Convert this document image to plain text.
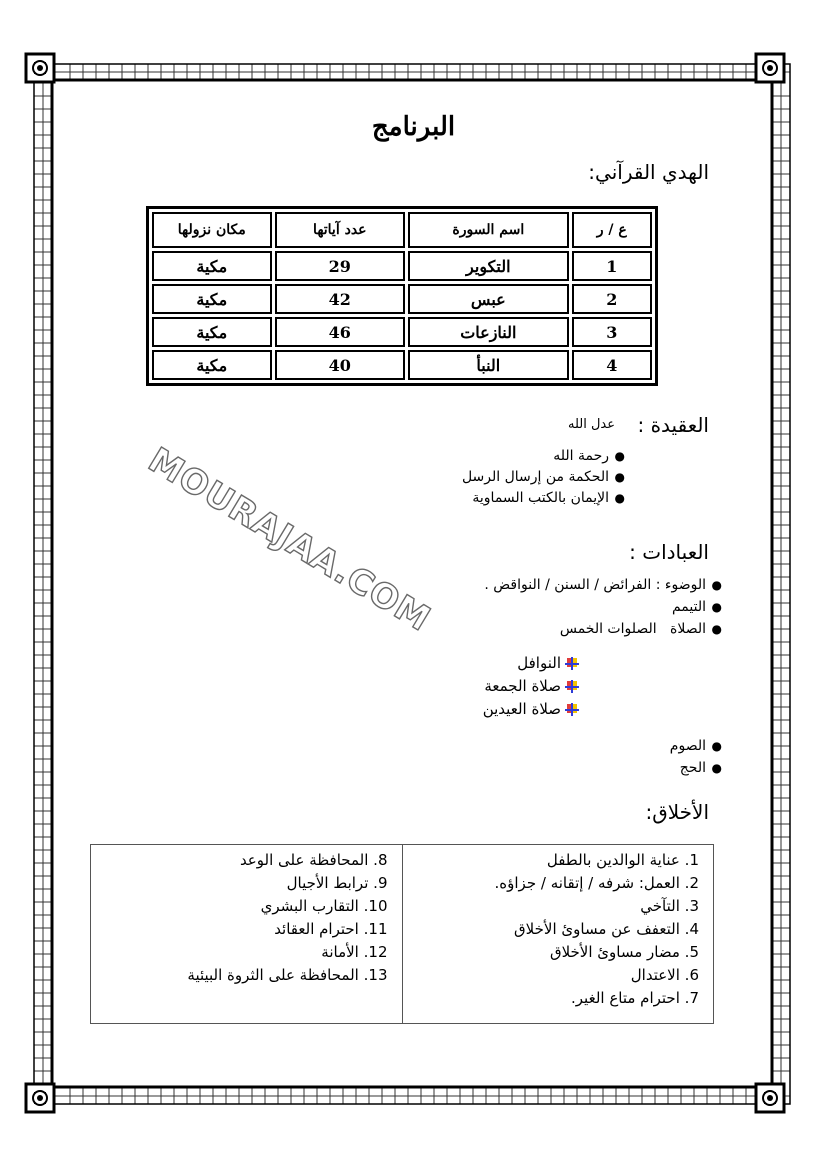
البرنامج
الهدي القرآني:
ع / ر	اسم السورة	عدد آياتها	مكان نزولها
1	التكوير	29	مكية
2	عبس	42	مكية
3	النازعات	46	مكية
4	النبأ	40	مكية
العقيدة :
عدل الله
●رحمة الله
●الحكمة من إرسال الرسل
●الإيمان بالكتب السماوية
MOURAJAA.COM	العبادات :
●الوضوء : الفرائض / السنن / النواقض .
●التيمم
●الصلاة   الصلوات الخمس
النوافل
صلاة الجمعة
صلاة العيدين
●الصوم
●الحج
الأخلاق:
1. عناية الوالدين بالطفل
2. العمل: شرفه / إتقانه / جزاؤه.
3. التآخي
4. التعفف عن مساوئ الأخلاق
5. مضار مساوئ الأخلاق
6. الاعتدال
7. احترام متاع الغير.
8. المحافظة على الوعد
9. ترابط الأجيال
10. التقارب البشري
11. احترام العقائد
12. الأمانة
13. المحافظة على الثروة البيئية
